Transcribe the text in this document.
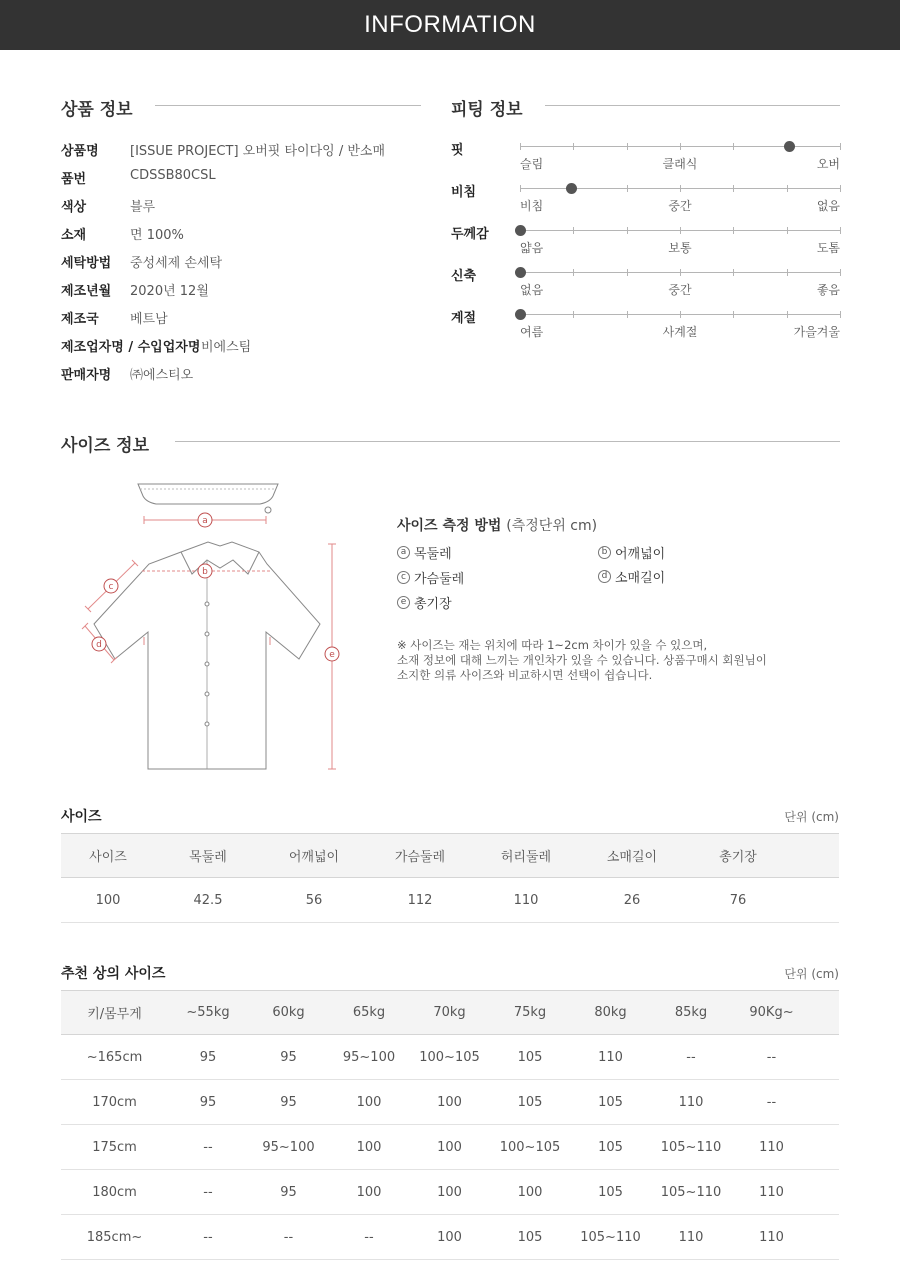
INFORMATION
상품 정보
상품명	[ISSUE PROJECT] 오버핏 타이다잉 / 반소매
품번	CDSSB80CSL
색상	블루
소재	면 100%
세탁방법	중성세제 손세탁
제조년월	2020년 12월
제조국	베트남
제조업자명 / 수입업자명 비에스팀
판매자명	㈜에스티오
피팅 정보
핏
슬림	클래식	오버
비침
비침	중간	없음
두께감
얇음	보통	도톰
신축
없음	중간	좋음
계절
여름	사계절	가을겨울
사이즈 정보
a
b
c
d
e
사이즈 측정 방법 (측정단위 cm)
a 목둘레	b 어깨넓이
c 가슴둘레	d 소매길이
e 총기장
※ 사이즈는 재는 위치에 따라 1~2cm 차이가 있을 수 있으며,
소재 정보에 대해 느끼는 개인차가 있을 수 있습니다. 상품구매시 회원님이
소지한 의류 사이즈와 비교하시면 선택이 쉽습니다.
사이즈	단위 (cm)
사이즈	목둘레	어깨넓이	가슴둘레	허리둘레	소매길이	총기장	
100	42.5	56	112	110	26	76	
추천 상의 사이즈	단위 (cm)
키/몸무게	~55kg	60kg	65kg	70kg	75kg	80kg	85kg	90Kg~	
~165cm	95	95	95~100	100~105	105	110	--	--	
170cm	95	95	100	100	105	105	110	--	
175cm	--	95~100	100	100	100~105	105	105~110	110	
180cm	--	95	100	100	100	105	105~110	110	
185cm~	--	--	--	100	105	105~110	110	110	
